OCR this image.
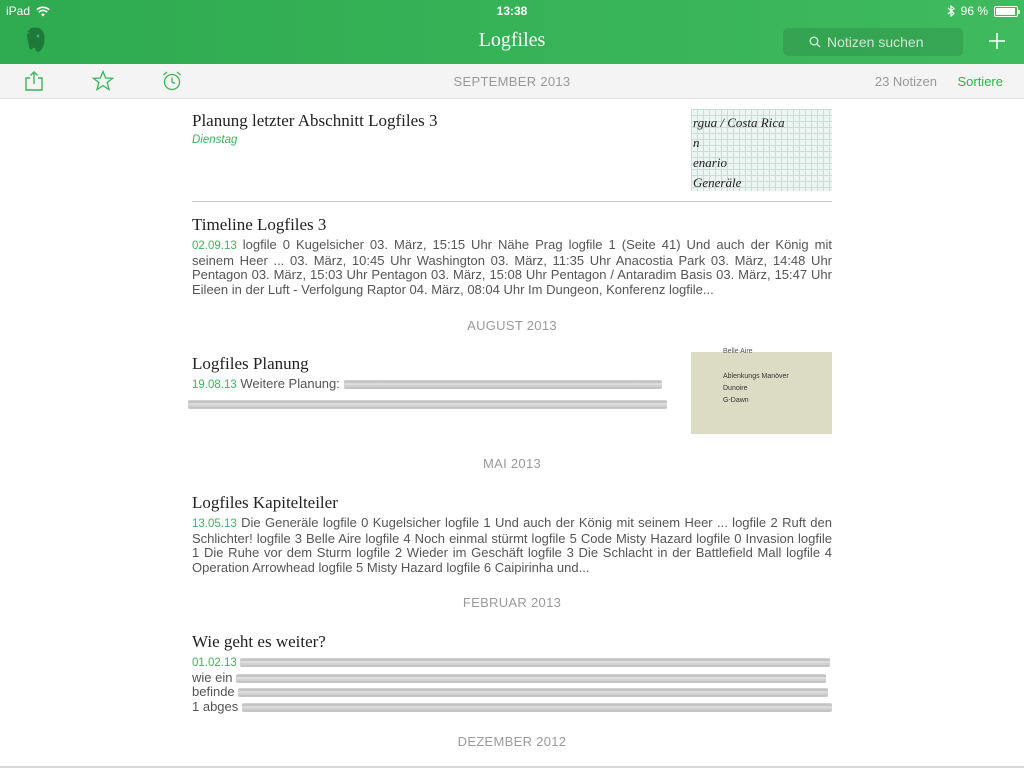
iPad	13:38	96 %
Logfiles
Notizen suchen
SEPTEMBER 2013	23 Notizen Sortiere
Planung letzter Abschnitt Logfiles 3
Dienstag
rgua / Costa Rica
n
enario
Generäle
Timeline Logfiles 3
02.09.13 logfile 0 Kugelsicher 03. März, 15:15 Uhr Nähe Prag logfile 1 (Seite 41) Und auch der König mit seinem Heer ... 03. März, 10:45 Uhr Washington 03. März, 11:35 Uhr Anacostia Park 03. März, 14:48 Uhr Pentagon 03. März, 15:03 Uhr Pentagon 03. März, 15:08 Uhr Pentagon / Antaradim Basis 03. März, 15:47 Uhr Eileen in der Luft - Verfolgung Raptor 04. März, 08:04 Uhr Im Dungeon, Konferenz logfile...
AUGUST 2013
Logfiles Planung
19.08.13 Weitere Planung:
Belle Aire
Ablenkungs Manöver
Dunoire
G-Dawn
MAI 2013
Logfiles Kapitelteiler
13.05.13 Die Generäle logfile 0 Kugelsicher logfile 1 Und auch der König mit seinem Heer ... logfile 2 Ruft den Schlichter! logfile 3 Belle Aire logfile 4 Noch einmal stürmt logfile 5 Code Misty Hazard logfile 0 Invasion logfile 1 Die Ruhe vor dem Sturm logfile 2 Wieder im Geschäft logfile 3 Die Schlacht in der Battlefield Mall logfile 4 Operation Arrowhead logfile 5 Misty Hazard logfile 6 Caipirinha und...
FEBRUAR 2013
Wie geht es weiter?
01.02.13
wie ein
befinde
1 abges
DEZEMBER 2012
